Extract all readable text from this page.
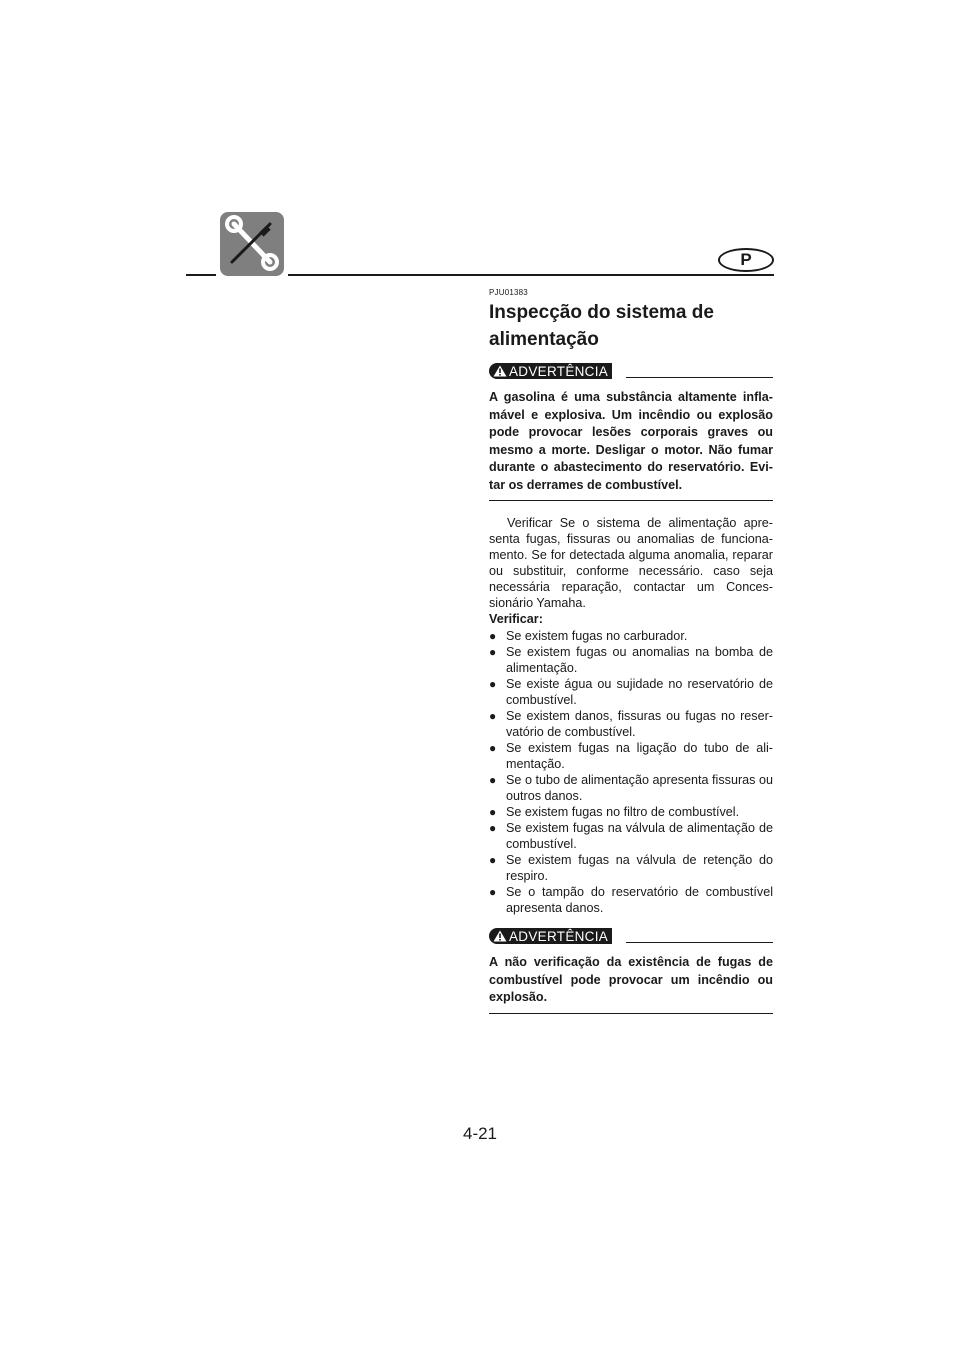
P

PJU01383

Inspecção do sistema de
alimentação
ADVERTÊNCIA

A gasolina é uma substância altamente infla-mável e explosiva. Um incêndio ou explosão pode provocar lesões corporais graves ou mesmo a morte. Desligar o motor. Não fumar durante o abastecimento do reservatório. Evi-tar os derrames de combustível.

Verificar Se o sistema de alimentação apre-senta fugas, fissuras ou anomalias de funciona-mento. Se for detectada alguma anomalia, reparar ou substituir, conforme necessário. caso seja necessária reparação, contactar um Conces-sionário Yamaha.

Verificar:

● Se existem fugas no carburador.
● Se existem fugas ou anomalias na bomba de alimentação.
● Se existe água ou sujidade no reservatório de combustível.
● Se existem danos, fissuras ou fugas no reser-vatório de combustível.
● Se existem fugas na ligação do tubo de ali-mentação.
● Se o tubo de alimentação apresenta fissuras ou outros danos.
● Se existem fugas no filtro de combustível.
● Se existem fugas na válvula de alimentação de combustível.
● Se existem fugas na válvula de retenção do respiro.
● Se o tampão do reservatório de combustível apresenta danos.
ADVERTÊNCIA

A não verificação da existência de fugas de combustível pode provocar um incêndio ou explosão.

4-21
